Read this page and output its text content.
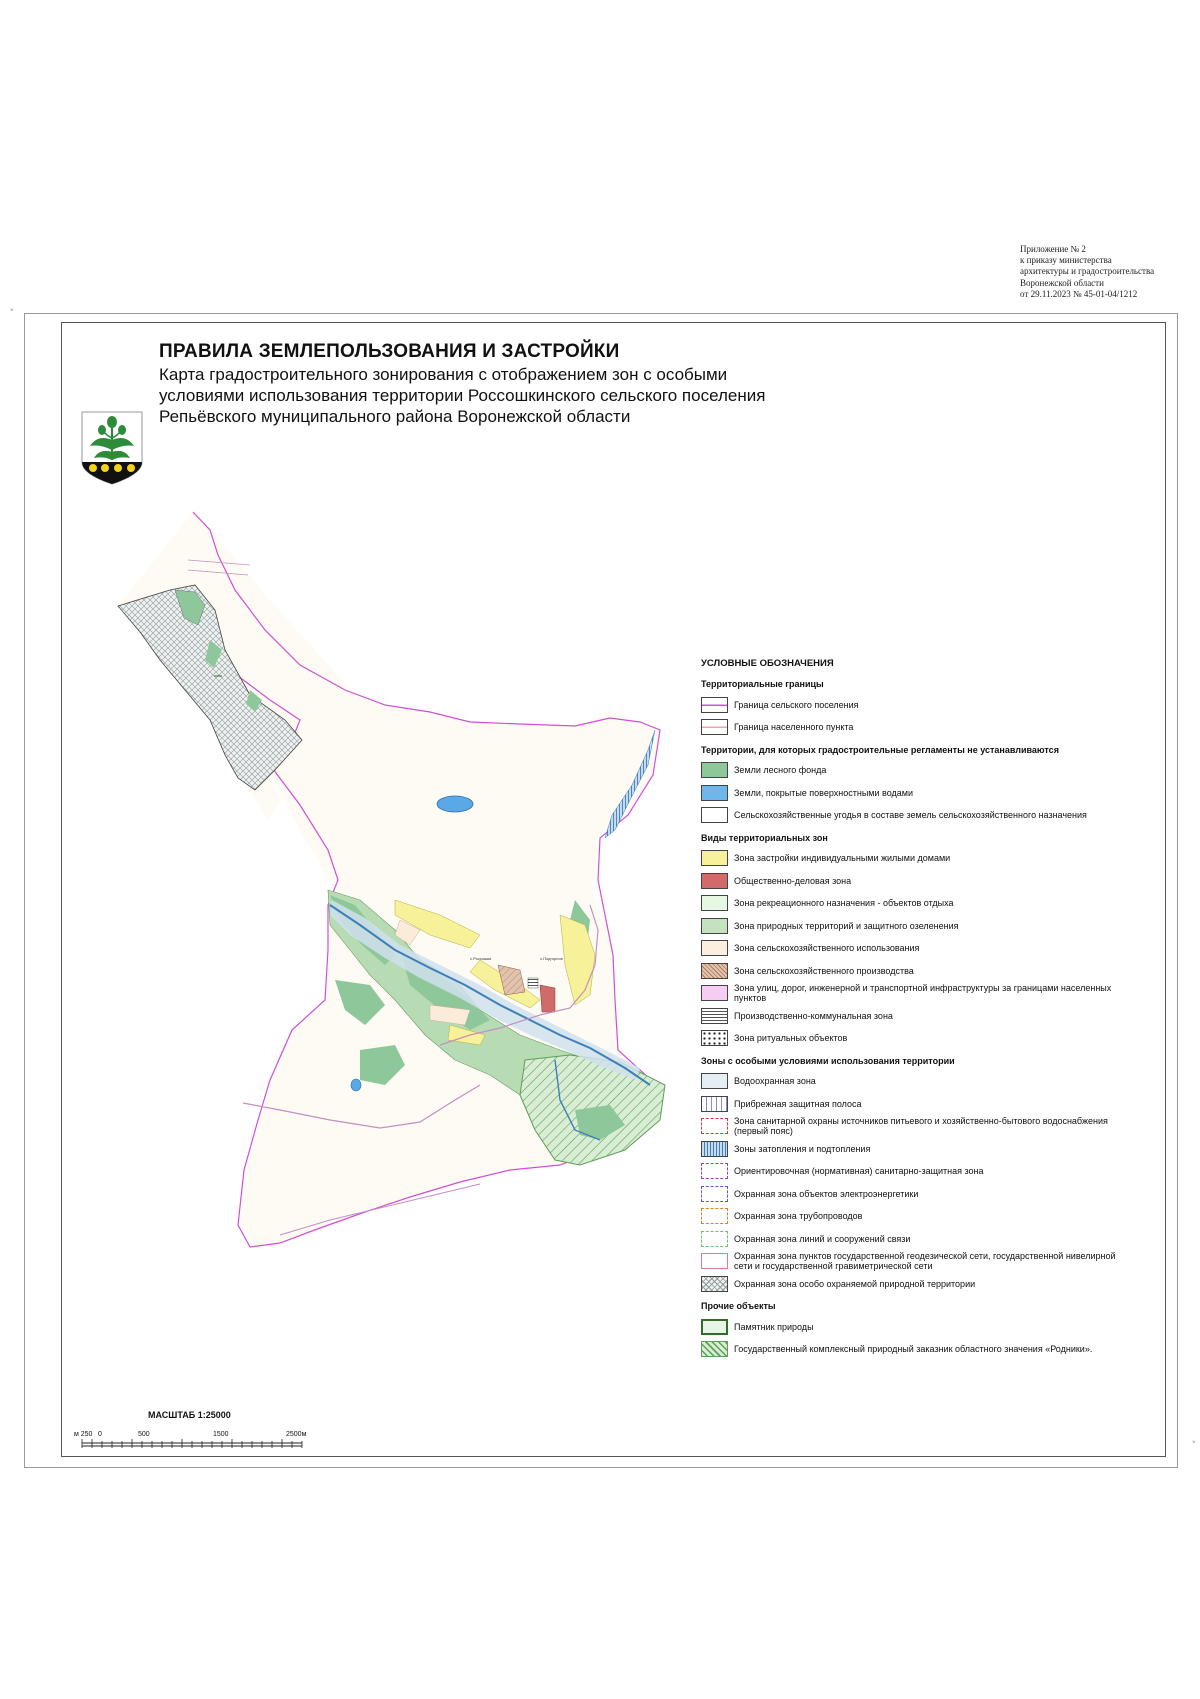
Приложение № 2
к приказу министерства
архитектуры и градостроительства
Воронежской области
от 29.11.2023 № 45-01-04/1212
×
×
ПРАВИЛА ЗЕМЛЕПОЛЬЗОВАНИЯ И ЗАСТРОЙКИ
Карта градостроительного зонирования с отображением зон с особыми
условиями использования территории Россошкинского сельского поселения
Репьёвского муниципального района Воронежской области
с.Россошки	х.Подгорное
УСЛОВНЫЕ ОБОЗНАЧЕНИЯ
Территориальные границы
Граница сельского поселения
Граница населенного пункта
Территории, для которых градостроительные регламенты не устанавливаются
Земли лесного фонда
Земли, покрытые поверхностными водами
Сельскохозяйственные угодья в составе земель сельскохозяйственного назначения
Виды территориальных зон
Зона застройки индивидуальными жилыми домами
Общественно-деловая зона
Зона рекреационного назначения - объектов отдыха
Зона природных территорий и защитного озеленения
Зона сельскохозяйственного использования
Зона сельскохозяйственного производства
Зона улиц, дорог, инженерной и транспортной инфраструктуры за границами населенных пунктов
Производственно-коммунальная зона
Зона ритуальных объектов
Зоны с особыми условиями использования территории
Водоохранная зона
Прибрежная защитная полоса
Зона санитарной охраны источников питьевого и хозяйственно-бытового водоснабжения (первый пояс)
Зоны затопления и подтопления
Ориентировочная (нормативная) санитарно-защитная зона
Охранная зона объектов электроэнергетики
Охранная зона трубопроводов
Охранная зона линий и сооружений связи
Охранная зона пунктов государственной геодезической сети, государственной нивелирной сети и государственной гравиметрической сети
Охранная зона особо охраняемой природной территории
Прочие объекты
Памятник природы
Государственный комплексный природный заказник областного значения «Родники».
МАСШТАБ 1:25000
м 250 0	500	1500	2500м
